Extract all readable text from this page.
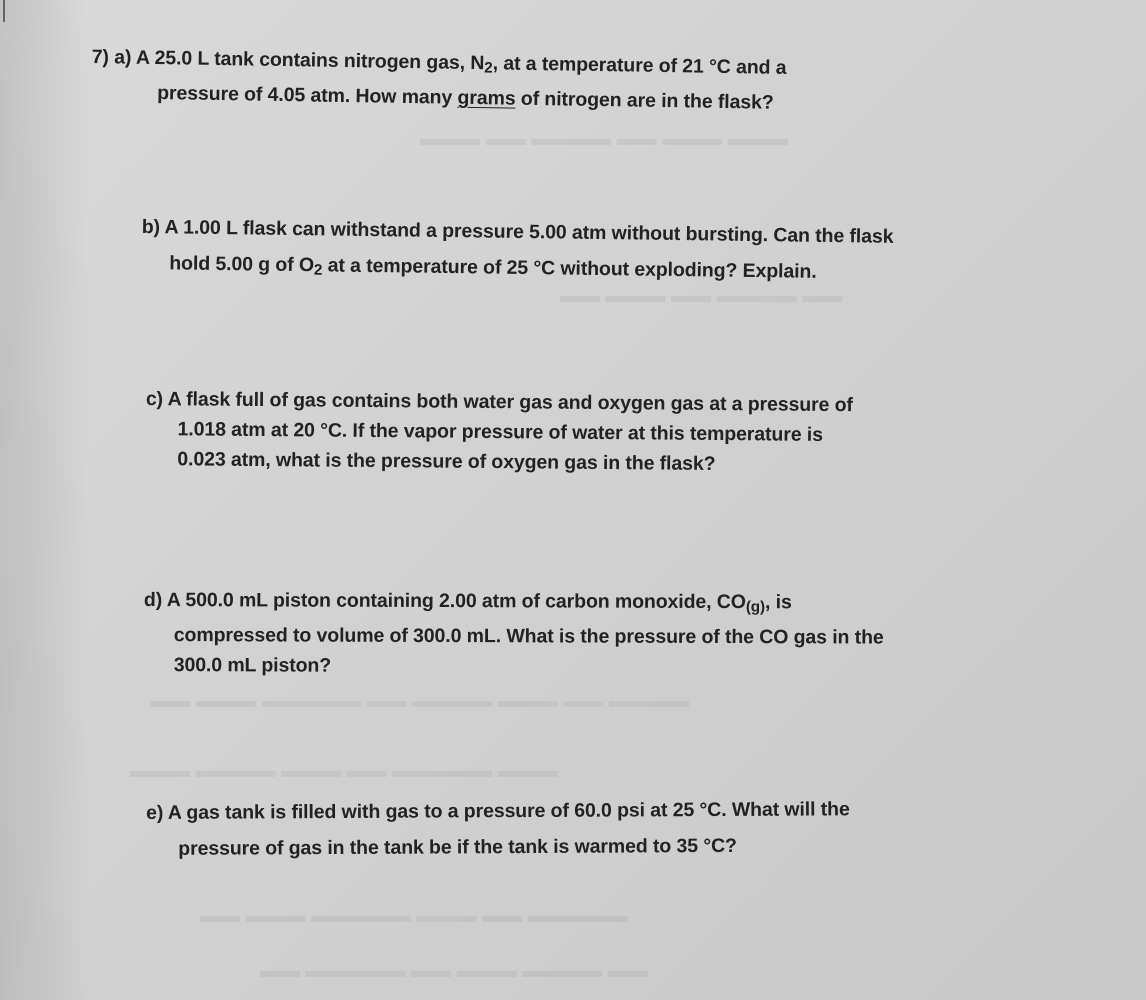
▬▬▬ ▬▬▬ ▬▬ ▬▬▬▬ ▬▬ ▬▬▬
▬▬ ▬▬▬▬ ▬▬ ▬▬▬ ▬▬
▬▬▬▬ ▬▬ ▬▬▬ ▬▬▬▬ ▬▬ ▬▬▬▬▬ ▬▬▬ ▬▬
▬▬▬ ▬▬▬▬▬ ▬▬ ▬▬▬ ▬▬▬▬ ▬▬▬
▬▬▬▬▬ ▬▬ ▬▬▬ ▬▬▬▬▬ ▬▬▬ ▬▬
▬▬ ▬▬▬▬ ▬▬▬ ▬▬ ▬▬▬▬▬ ▬▬
7) a) A 25.0 L tank contains nitrogen gas, $N_2$, at a temperature of 21 °C and a
pressure of 4.05 atm. How many grams of nitrogen are in the flask?
b) A 1.00 L flask can withstand a pressure 5.00 atm without bursting. Can the flask
hold 5.00 g of $O_2$ at a temperature of 25 °C without exploding? Explain.
c) A flask full of gas contains both water gas and oxygen gas at a pressure of
1.018 atm at 20 °C. If the vapor pressure of water at this temperature is
0.023 atm, what is the pressure of oxygen gas in the flask?
d) A 500.0 mL piston containing 2.00 atm of carbon monoxide, $CO_{(g)}$, is
compressed to volume of 300.0 mL. What is the pressure of the CO gas in the
300.0 mL piston?
e) A gas tank is filled with gas to a pressure of 60.0 psi at 25 °C. What will the
pressure of gas in the tank be if the tank is warmed to 35 °C?
